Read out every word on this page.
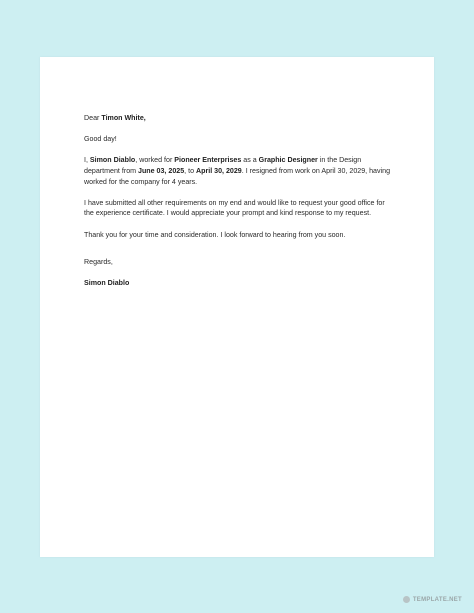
Dear Timon White,

Good day!

I, Simon Diablo, worked for Pioneer Enterprises as a Graphic Designer in the Design department from June 03, 2025, to April 30, 2029. I resigned from work on April 30, 2029, having worked for the company for 4 years.

I have submitted all other requirements on my end and would like to request your good office for the experience certificate. I would appreciate your prompt and kind response to my request.

Thank you for your time and consideration. I look forward to hearing from you soon.

Regards,

Simon Diablo

TEMPLATE.NET
